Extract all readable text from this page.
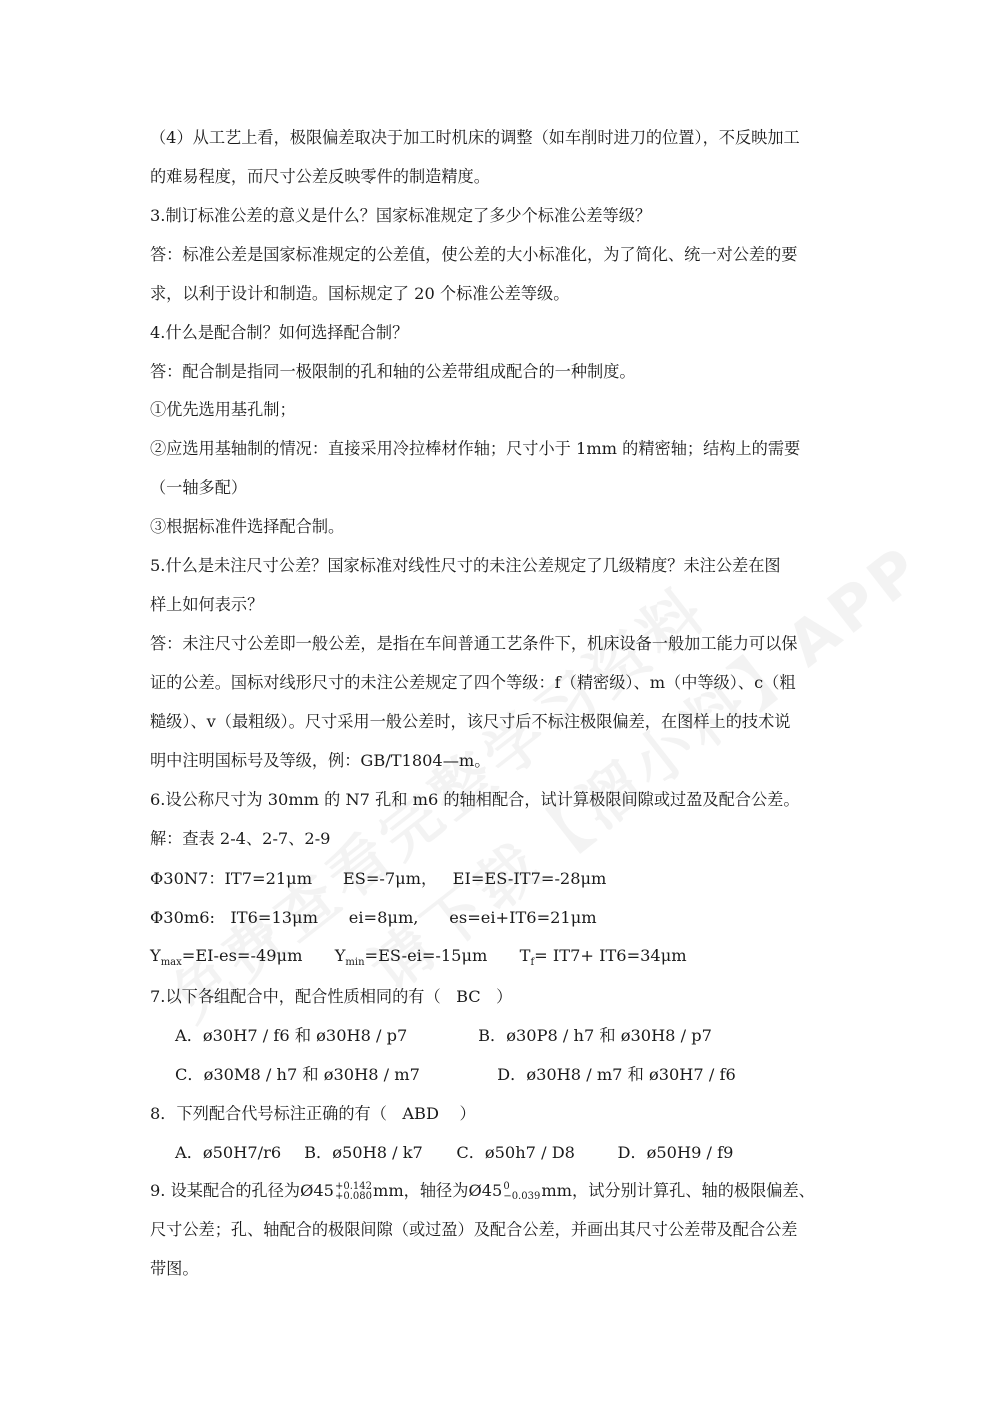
（4）从工艺上看，极限偏差取决于加工时机床的调整（如车削时进刀的位置），不反映加工
的难易程度，而尺寸公差反映零件的制造精度。
3.制订标准公差的意义是什么？国家标准规定了多少个标准公差等级？
答：标准公差是国家标准规定的公差值，使公差的大小标准化，为了简化、统一对公差的要
求，以利于设计和制造。国标规定了 20 个标准公差等级。
4.什么是配合制？如何选择配合制？
答：配合制是指同一极限制的孔和轴的公差带组成配合的一种制度。
①优先选用基孔制；
②应选用基轴制的情况：直接采用冷拉棒材作轴；尺寸小于 1mm 的精密轴；结构上的需要
（一轴多配）
③根据标准件选择配合制。
5.什么是未注尺寸公差？国家标准对线性尺寸的未注公差规定了几级精度？未注公差在图
样上如何表示？
答：未注尺寸公差即一般公差，是指在车间普通工艺条件下，机床设备一般加工能力可以保
证的公差。国标对线形尺寸的未注公差规定了四个等级：f（精密级）、m（中等级）、c（粗
糙级）、v（最粗级）。尺寸采用一般公差时，该尺寸后不标注极限偏差，在图样上的技术说
明中注明国标号及等级，例：GB/T1804—m。
6.设公称尺寸为 30mm 的 N7 孔和 m6 的轴相配合，试计算极限间隙或过盈及配合公差。
解：查表 2-4、2-7、2-9
Φ30N7：IT7=21μm      ES=-7μm，   EI=ES-IT7=-28μm
Φ30m6:   IT6=13μm      ei=8μm,      es=ei+IT6=21μm
$Y_{max}=EI-es=-49\mu m$ $Y_{min}=ES-ei=-15\mu m$ $T_f= IT7+ IT6=34\mu m$
7.以下各组配合中，配合性质相同的有（   BC   ）
A．ø30H7 / f6 和 ø30H8 / p7	B．ø30P8 / h7 和 ø30H8 / p7
C．ø30M8 / h7 和 ø30H8 / m7	D．ø30H8 / m7 和 ø30H7 / f6
8．下列配合代号标注正确的有（   ABD    ）
A．ø50H7/r6 B．ø50H8 / k7 C．ø50h7 / D8	D．ø50H9 / f9
9. 设某配合的孔径为Ø45 +0.142
+0.080 mm，轴径为Ø45 0
−0.039 mm，试分别计算孔、轴的极限偏差、
尺寸公差；孔、轴配合的极限间隙（或过盈）及配合公差，并画出其尺寸公差带及配合公差
带图。
